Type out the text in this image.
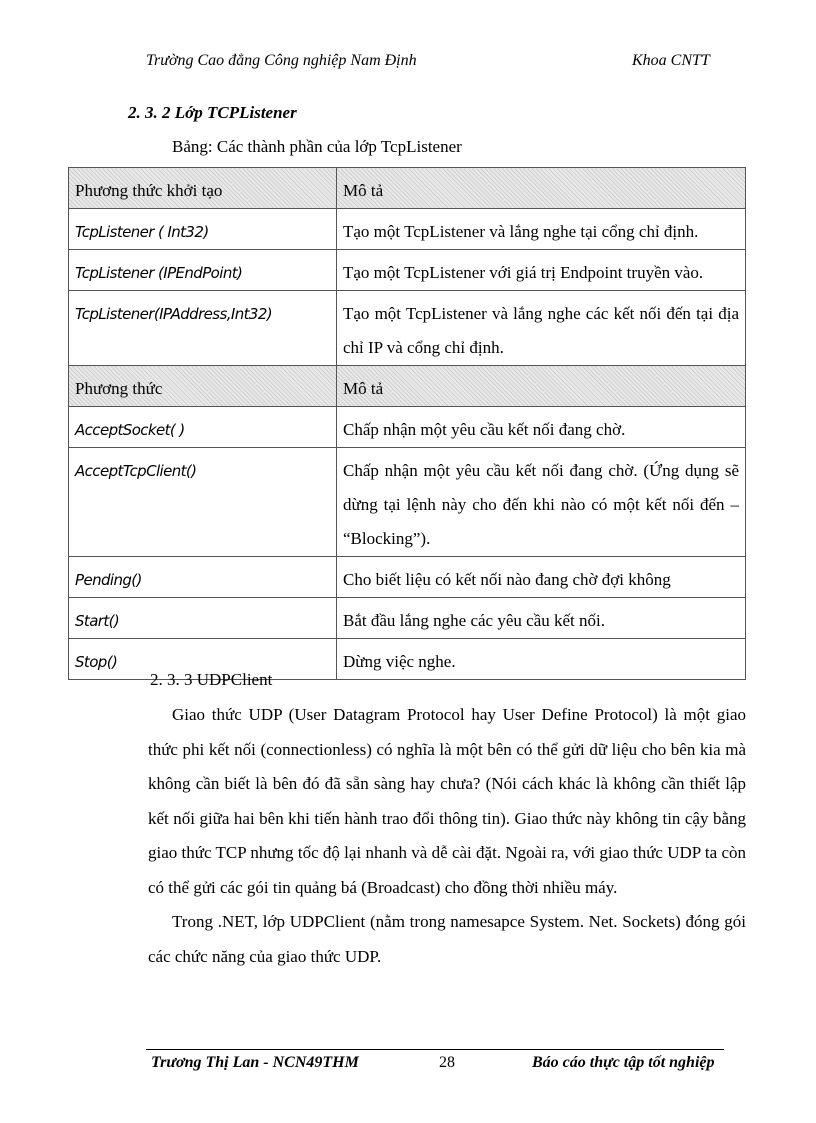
Trường Cao đẳng Công nghiệp Nam Định	Khoa CNTT
2. 3. 2 Lớp TCPListener
Bảng: Các thành phần của lớp TcpListener
Phương thức khởi tạo	Mô tả
TcpListener ( Int32)	Tạo một TcpListener và lắng nghe tại cổng chỉ định.
TcpListener (IPEndPoint)	Tạo một TcpListener với giá trị Endpoint truyền vào.
TcpListener(IPAddress,Int32)	Tạo một TcpListener và lắng nghe các kết nối đến tại địa chỉ IP và cổng chỉ định.
Phương thức	Mô tả
AcceptSocket( )	Chấp nhận một yêu cầu kết nối đang chờ.
AcceptTcpClient()	Chấp nhận một yêu cầu kết nối đang chờ. (Ứng dụng sẽ dừng tại lệnh này cho đến khi nào có một kết nối đến – “Blocking”).
Pending()	Cho biết liệu có kết nối nào đang chờ đợi không
Start()	Bắt đầu lắng nghe các yêu cầu kết nối.
Stop()	Dừng việc nghe.
2. 3. 3 UDPClient

Giao thức UDP (User Datagram Protocol hay User Define Protocol) là một giao thức phi kết nối (connectionless) có nghĩa là một bên có thể gửi dữ liệu cho bên kia mà không cần biết là bên đó đã sẵn sàng hay chưa? (Nói cách khác là không cần thiết lập kết nối giữa hai bên khi tiến hành trao đổi thông tin). Giao thức này không tin cậy bằng giao thức TCP nhưng tốc độ lại nhanh và dễ cài đặt. Ngoài ra, với giao thức UDP ta còn có thể gửi các gói tin quảng bá (Broadcast) cho đồng thời nhiều máy.

Trong .NET, lớp UDPClient (nằm trong namesapce System. Net. Sockets) đóng gói các chức năng của giao thức UDP.

Trương Thị Lan - NCN49THM	28	Báo cáo thực tập tốt nghiệp
